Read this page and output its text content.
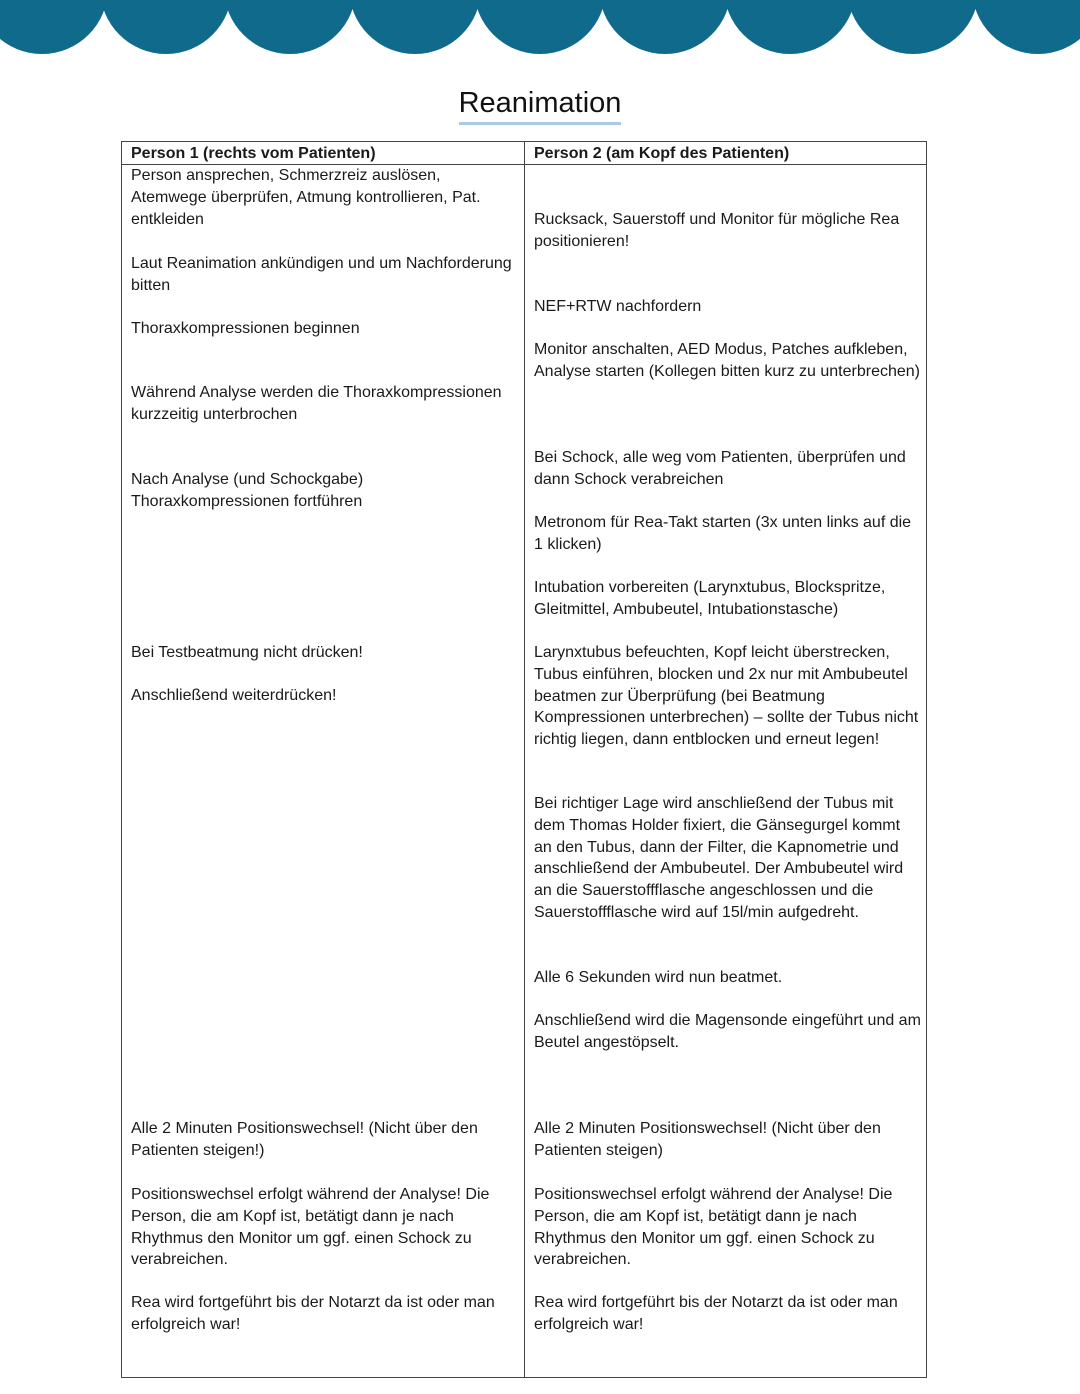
Reanimation
Person 1 (rechts vom Patienten)	Person 2 (am Kopf des Patienten)

Person ansprechen, Schmerzreiz auslösen, Atemwege überprüfen, Atmung kontrollieren, Pat. entkleiden

Laut Reanimation ankündigen und um Nachforderung bitten

Thoraxkompressionen beginnen

Während Analyse werden die Thoraxkompressionen kurzzeitig unterbrochen

Nach Analyse (und Schockgabe) Thoraxkompressionen fortführen

Bei Testbeatmung nicht drücken!

Anschließend weiterdrücken!

Alle 2 Minuten Positionswechsel! (Nicht über den Patienten steigen!)

Positionswechsel erfolgt während der Analyse! Die Person, die am Kopf ist, betätigt dann je nach Rhythmus den Monitor um ggf. einen Schock zu verabreichen.

Rea wird fortgeführt bis der Notarzt da ist oder man erfolgreich war!

Rucksack, Sauerstoff und Monitor für mögliche Rea positionieren!

NEF+RTW nachfordern

Monitor anschalten, AED Modus, Patches aufkleben, Analyse starten (Kollegen bitten kurz zu unterbrechen)

Bei Schock, alle weg vom Patienten, überprüfen und dann Schock verabreichen

Metronom für Rea-Takt starten (3x unten links auf die 1 klicken)

Intubation vorbereiten (Larynxtubus, Blockspritze, Gleitmittel, Ambubeutel, Intubationstasche)

Larynxtubus befeuchten, Kopf leicht überstrecken, Tubus einführen, blocken und 2x nur mit Ambubeutel beatmen zur Überprüfung (bei Beatmung Kompressionen unterbrechen) – sollte der Tubus nicht richtig liegen, dann entblocken und erneut legen!

Bei richtiger Lage wird anschließend der Tubus mit dem Thomas Holder fixiert, die Gänsegurgel kommt an den Tubus, dann der Filter, die Kapnometrie und anschließend der Ambubeutel. Der Ambubeutel wird an die Sauerstoffflasche angeschlossen und die Sauerstoffflasche wird auf 15l/min aufgedreht.

Alle 6 Sekunden wird nun beatmet.

Anschließend wird die Magensonde eingeführt und am Beutel angestöpselt.

Alle 2 Minuten Positionswechsel! (Nicht über den Patienten steigen)

Positionswechsel erfolgt während der Analyse! Die Person, die am Kopf ist, betätigt dann je nach Rhythmus den Monitor um ggf. einen Schock zu verabreichen.

Rea wird fortgeführt bis der Notarzt da ist oder man erfolgreich war!
